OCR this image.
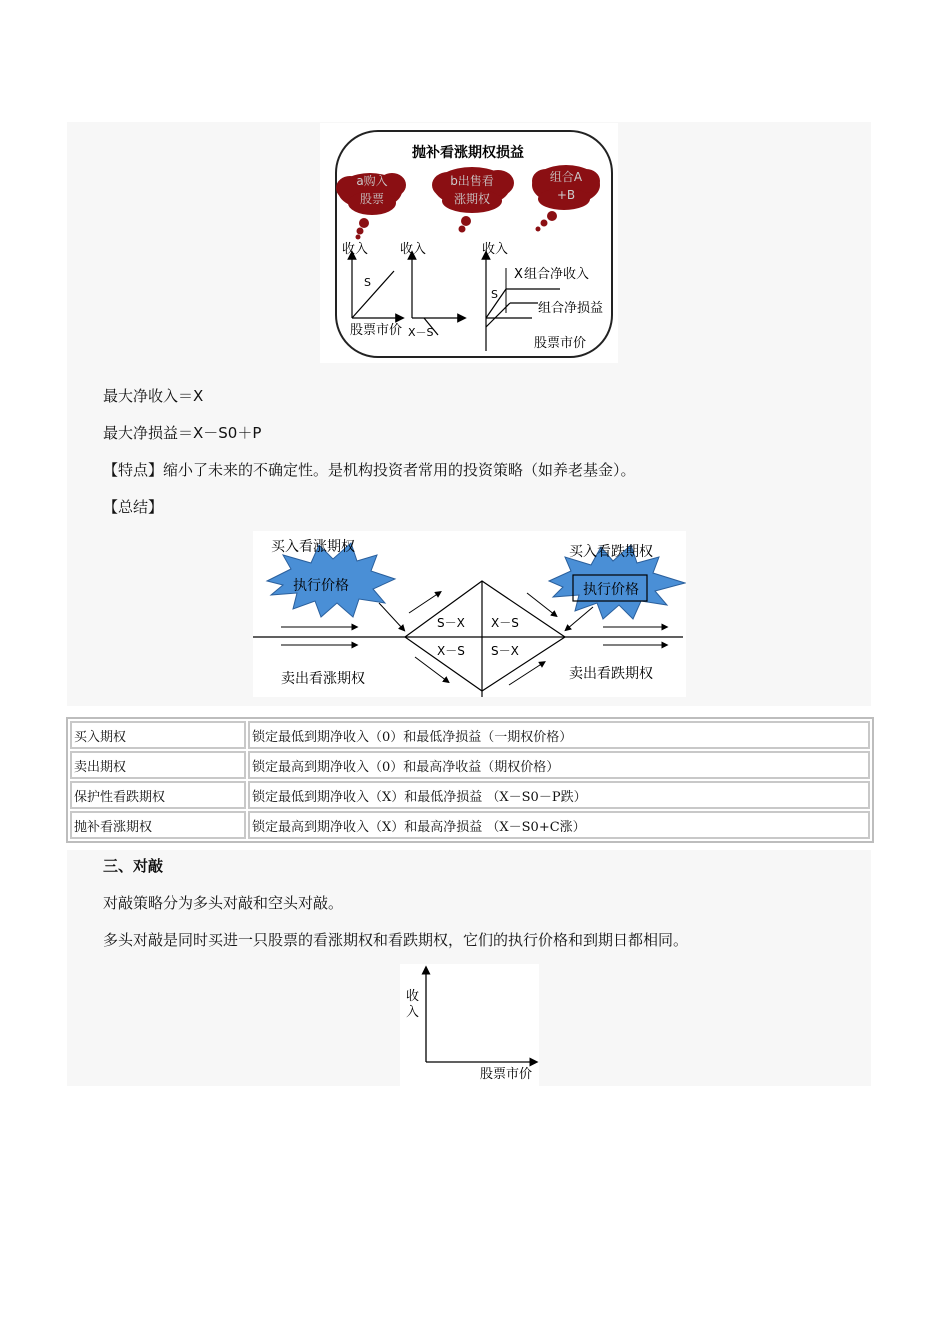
抛补看涨期权损益
a购入
股票
b出售看
涨期权
组合A
+B
收入
S
股票市价
收入
X－S
收入
X 组合净收入
S
组合净损益
股票市价
最大净收入＝X
最大净损益＝X－S0＋P
【特点】缩小了未来的不确定性。是机构投资者常用的投资策略（如养老基金）。
【总结】
买入看涨期权	买入看跌期权
执行价格	执行价格
S－X X－S
X－S S－X
卖出看涨期权	卖出看跌期权
买入期权	锁定最低到期净收入（0）和最低净损益（一期权价格）
卖出期权	锁定最高到期净收入（0）和最高净收益（期权价格）
保护性看跌期权	锁定最低到期净收入（X）和最低净损益 （X－S0－P跌）
抛补看涨期权	锁定最高到期净收入（X）和最高净损益 （X－S0+C涨）
三、对敲
对敲策略分为多头对敲和空头对敲。
多头对敲是同时买进一只股票的看涨期权和看跌期权，它们的执行价格和到期日都相同。
收入
股票市价
